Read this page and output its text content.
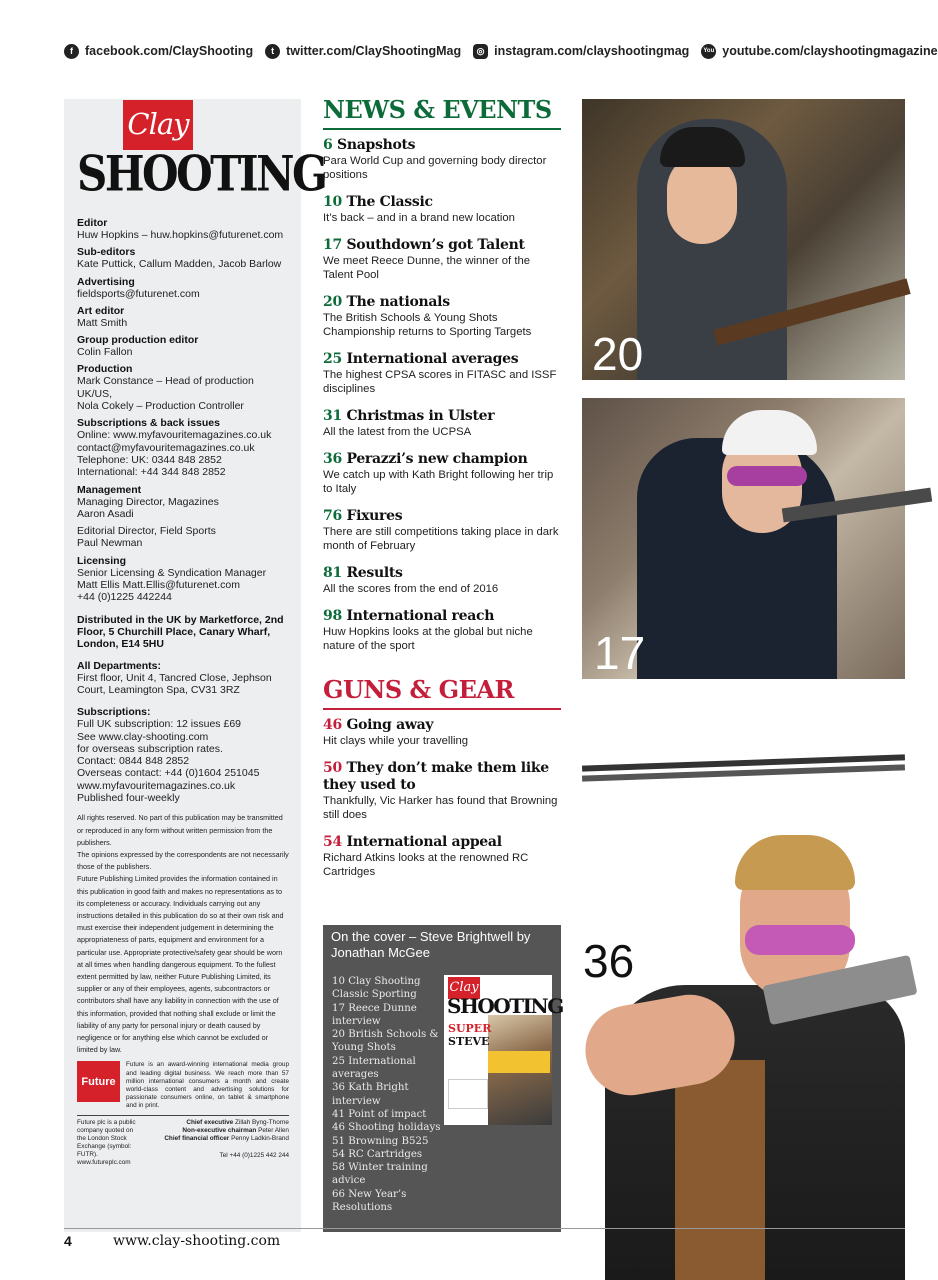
f facebook.com/ClayShooting	t twitter.com/ClayShootingMag	◎ instagram.com/clayshootingmag	You youtube.com/clayshootingmagazine
Clay
SHOOTING
Editor
Huw Hopkins – huw.hopkins@futurenet.com
Sub-editors
Kate Puttick, Callum Madden, Jacob Barlow
Advertising
fieldsports@futurenet.com
Art editor
Matt Smith
Group production editor
Colin Fallon
Production
Mark Constance – Head of production UK/US,
Nola Cokely – Production Controller
Subscriptions & back issues
Online: www.myfavouritemagazines.co.uk
contact@myfavouritemagazines.co.uk
Telephone: UK: 0344 848 2852
International: +44 344 848 2852
Management
Managing Director, Magazines
Aaron Asadi
Editorial Director, Field Sports
Paul Newman
Licensing
Senior Licensing & Syndication Manager
Matt Ellis Matt.Ellis@futurenet.com
+44 (0)1225 442244
Distributed in the UK by Marketforce, 2nd Floor, 5 Churchill Place, Canary Wharf, London, E14 5HU
All Departments:
First floor, Unit 4, Tancred Close, Jephson Court, Leamington Spa, CV31 3RZ
Subscriptions:
Full UK subscription: 12 issues £69
See www.clay-shooting.com
for overseas subscription rates.
Contact: 0844 848 2852
Overseas contact: +44 (0)1604 251045
www.myfavouritemagazines.co.uk
Published four-weekly
All rights reserved. No part of this publication may be transmitted or reproduced in any form without written permission from the publishers.
The opinions expressed by the correspondents are not necessarily those of the publishers.
Future Publishing Limited provides the information contained in this publication in good faith and makes no representations as to its completeness or accuracy. Individuals carrying out any instructions detailed in this publication do so at their own risk and must exercise their independent judgement in determining the appropriateness of parts, equipment and environment for a particular use. Appropriate protective/safety gear should be worn at all times when handling dangerous equipment. To the fullest extent permitted by law, neither Future Publishing Limited, its supplier or any of their employees, agents, subcontractors or contributors shall have any liability in connection with the use of this information, provided that nothing shall exclude or limit the liability of any party for personal injury or death caused by negligence or for anything else which cannot be excluded or limited by law.
Future
Future is an award-winning international media group and leading digital business. We reach more than 57 million international consumers a month and create world-class content and advertising solutions for passionate consumers online, on tablet & smartphone and in print.
Future plc is a public company quoted on the London Stock Exchange (symbol: FUTR). www.futureplc.com
Chief executive Zillah Byng-Thorne
Non-executive chairman Peter Allen
Chief financial officer Penny Ladkin-Brand
Tel +44 (0)1225 442 244
NEWS & EVENTS
6 Snapshots
Para World Cup and governing body director positions
10 The Classic
It’s back – and in a brand new location
17 Southdown’s got Talent
We meet Reece Dunne, the winner of the Talent Pool
20 The nationals
The British Schools & Young Shots Championship returns to Sporting Targets
25 International averages
The highest CPSA scores in FITASC and ISSF disciplines
31 Christmas in Ulster
All the latest from the UCPSA
36 Perazzi’s new champion
We catch up with Kath Bright following her trip to Italy
76 Fixures
There are still competitions taking place in dark month of February
81 Results
All the scores from the end of 2016
98 International reach
Huw Hopkins looks at the global but niche nature of the sport
GUNS & GEAR
46 Going away
Hit clays while your travelling
50 They don’t make them like they used to
Thankfully, Vic Harker has found that Browning still does
54 International appeal
Richard Atkins looks at the renowned RC Cartridges
On the cover – Steve Brightwell by Jonathan McGee
10 Clay Shooting Classic Sporting
17 Reece Dunne interview
20 British Schools & Young Shots
25 International averages
36 Kath Bright interview
41 Point of impact
46 Shooting holidays
51 Browning B525
54 RC Cartridges
58 Winter training advice
66 New Year’s Resolutions
Clay
SHOOTING
SUPER
STEVE
20
17
36
4	www.clay-shooting.com
